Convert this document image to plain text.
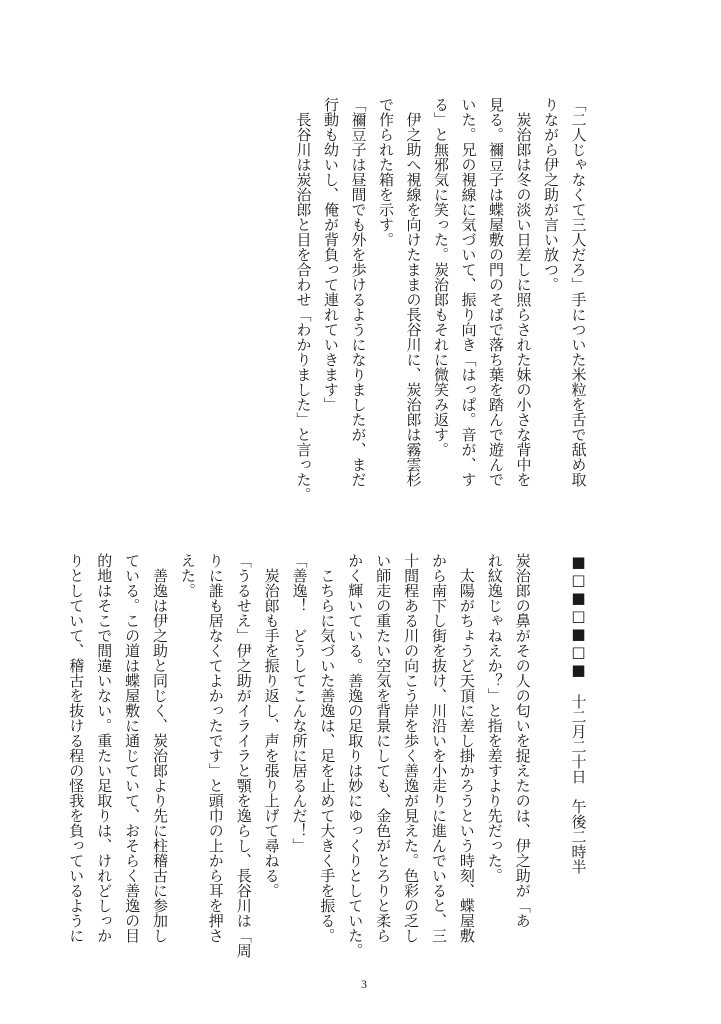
「二人じゃなくて三人だろ」手についた米粒を舌で舐め取
りながら伊之助が言い放つ。
　炭治郎は冬の淡い日差しに照らされた妹の小さな背中を
見る。禰豆子は蝶屋敷の門のそばで落ち葉を踏んで遊んで
いた。兄の視線に気づいて、振り向き「はっぱ。音が、す
る」と無邪気に笑った。炭治郎もそれに微笑み返す。
　伊之助へ視線を向けたままの長谷川に、炭治郎は霧雲杉
で作られた箱を示す。
「禰豆子は昼間でも外を歩けるようになりましたが、まだ
行動も幼いし、俺が背負って連れていきます」
　長谷川は炭治郎と目を合わせ「わかりました」と言った。
■□■□■□■　十二月二十日　午後二時半
炭治郎の鼻がその人の匂いを捉えたのは、伊之助が「あ
れ紋逸じゃねえか？」と指を差すより先だった。
　太陽がちょうど天頂に差し掛かろうという時刻、蝶屋敷
から南下し街を抜け、川沿いを小走りに進んでいると、三
十間程ある川の向こう岸を歩く善逸が見えた。色彩の乏し
い師走の重たい空気を背景にしても、金色がとろりと柔ら
かく輝いている。善逸の足取りは妙にゆっくりとしていた。
　こちらに気づいた善逸は、足を止めて大きく手を振る。
「善逸！　どうしてこんな所に居るんだ！」
　炭治郎も手を振り返し、声を張り上げて尋ねる。
「うるせえ」伊之助がイライラと顎を逸らし、長谷川は「周
りに誰も居なくてよかったです」と頭巾の上から耳を押さ
えた。
　善逸は伊之助と同じく、炭治郎より先に柱稽古に参加し
ている。この道は蝶屋敷に通じていて、おそらく善逸の目
的地はそこで間違いない。重たい足取りは、けれどしっか
りとしていて、稽古を抜ける程の怪我を負っているように
3
